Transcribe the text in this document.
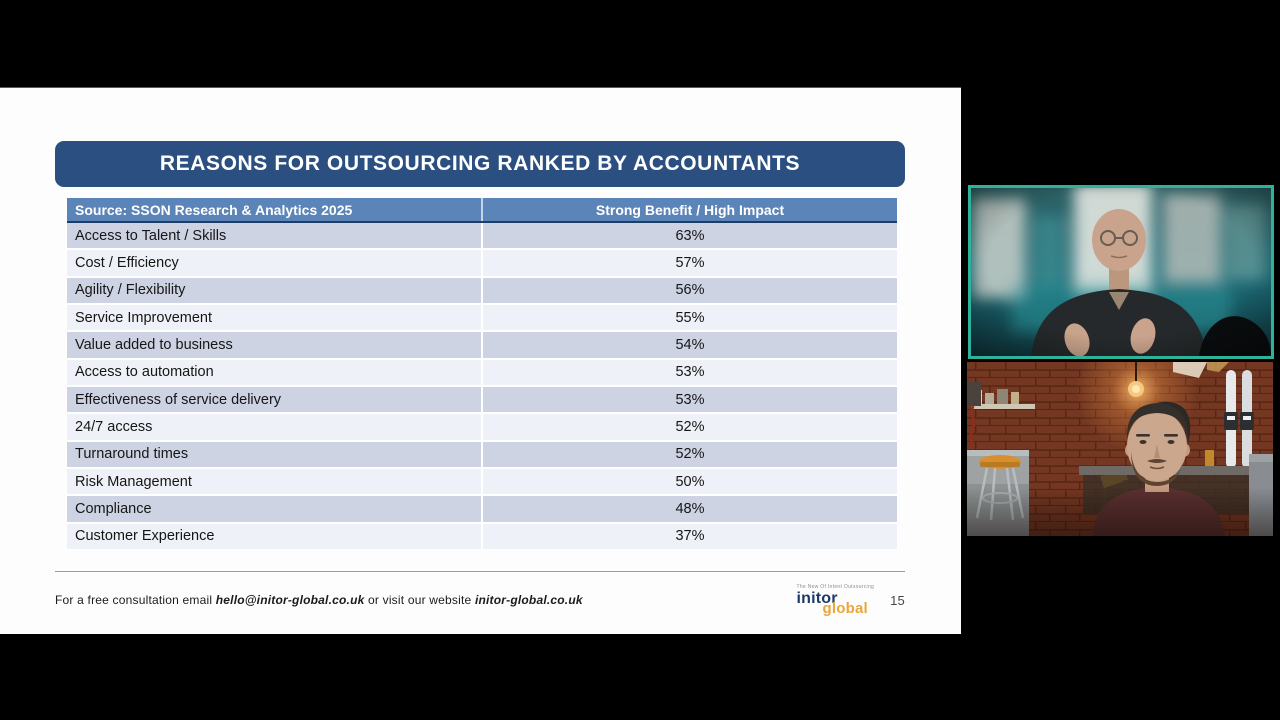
REASONS FOR OUTSOURCING RANKED BY ACCOUNTANTS
Source: SSON Research & Analytics 2025	Strong Benefit / High Impact
Access to Talent / Skills	63%
Cost / Efficiency	57%
Agility / Flexibility	56%
Service Improvement	55%
Value added to business	54%
Access to automation	53%
Effectiveness of service delivery	53%
24/7 access	52%
Turnaround times	52%
Risk Management	50%
Compliance	48%
Customer Experience	37%
For a free consultation email
hello@initor-global.co.uk
or visit our website
initor-global.co.uk
The New Of Intent Outsourcing
initor
global	15
